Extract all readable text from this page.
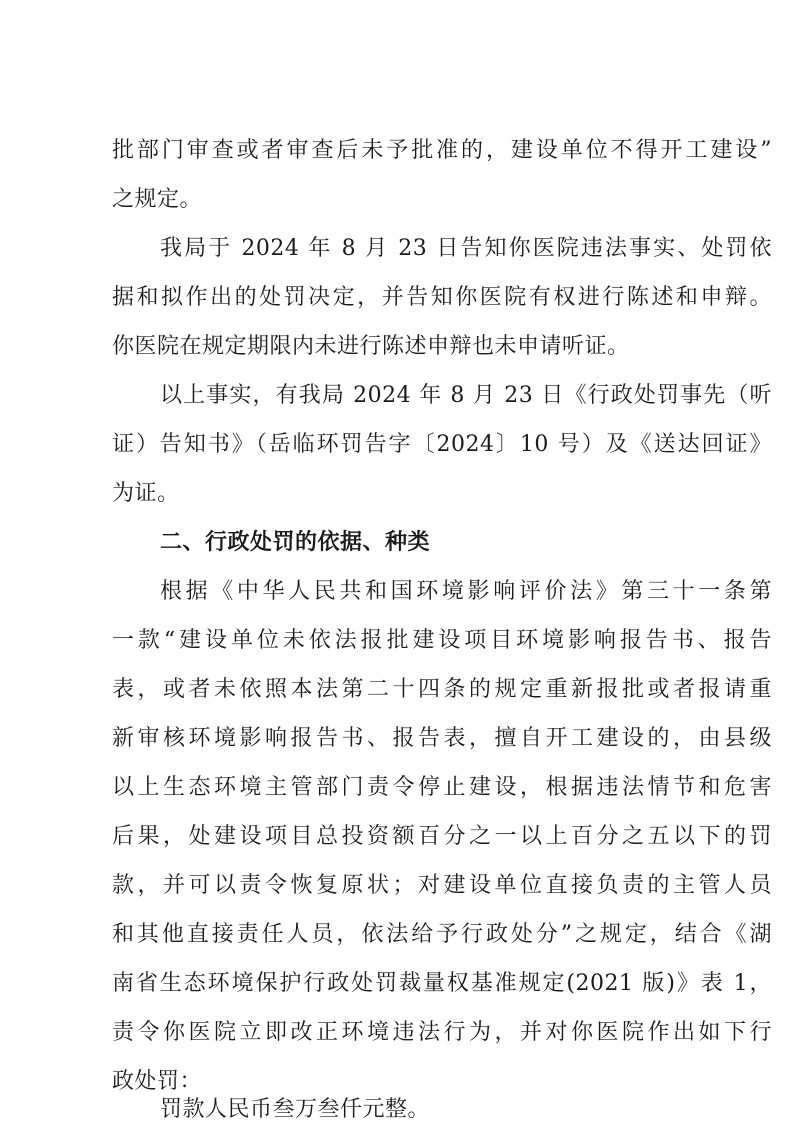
批部门审查或者审查后未予批准的，建设单位不得开工建设”
之规定。
我局于 2024 年 8 月 23 日告知你医院违法事实、处罚依
据和拟作出的处罚决定，并告知你医院有权进行陈述和申辩。
你医院在规定期限内未进行陈述申辩也未申请听证。
以上事实，有我局 2024 年 8 月 23 日《行政处罚事先（听
证）告知书》（岳临环罚告字〔2024〕10 号）及《送达回证》
为证。
二、行政处罚的依据、种类
根据《中华人民共和国环境影响评价法》第三十一条第
一款“建设单位未依法报批建设项目环境影响报告书、报告
表，或者未依照本法第二十四条的规定重新报批或者报请重
新审核环境影响报告书、报告表，擅自开工建设的，由县级
以上生态环境主管部门责令停止建设，根据违法情节和危害
后果，处建设项目总投资额百分之一以上百分之五以下的罚
款，并可以责令恢复原状；对建设单位直接负责的主管人员
和其他直接责任人员，依法给予行政处分”之规定，结合《湖
南省生态环境保护行政处罚裁量权基准规定(2021 版)》表 1，
责令你医院立即改正环境违法行为，并对你医院作出如下行
政处罚：
罚款人民币叁万叁仟元整。
